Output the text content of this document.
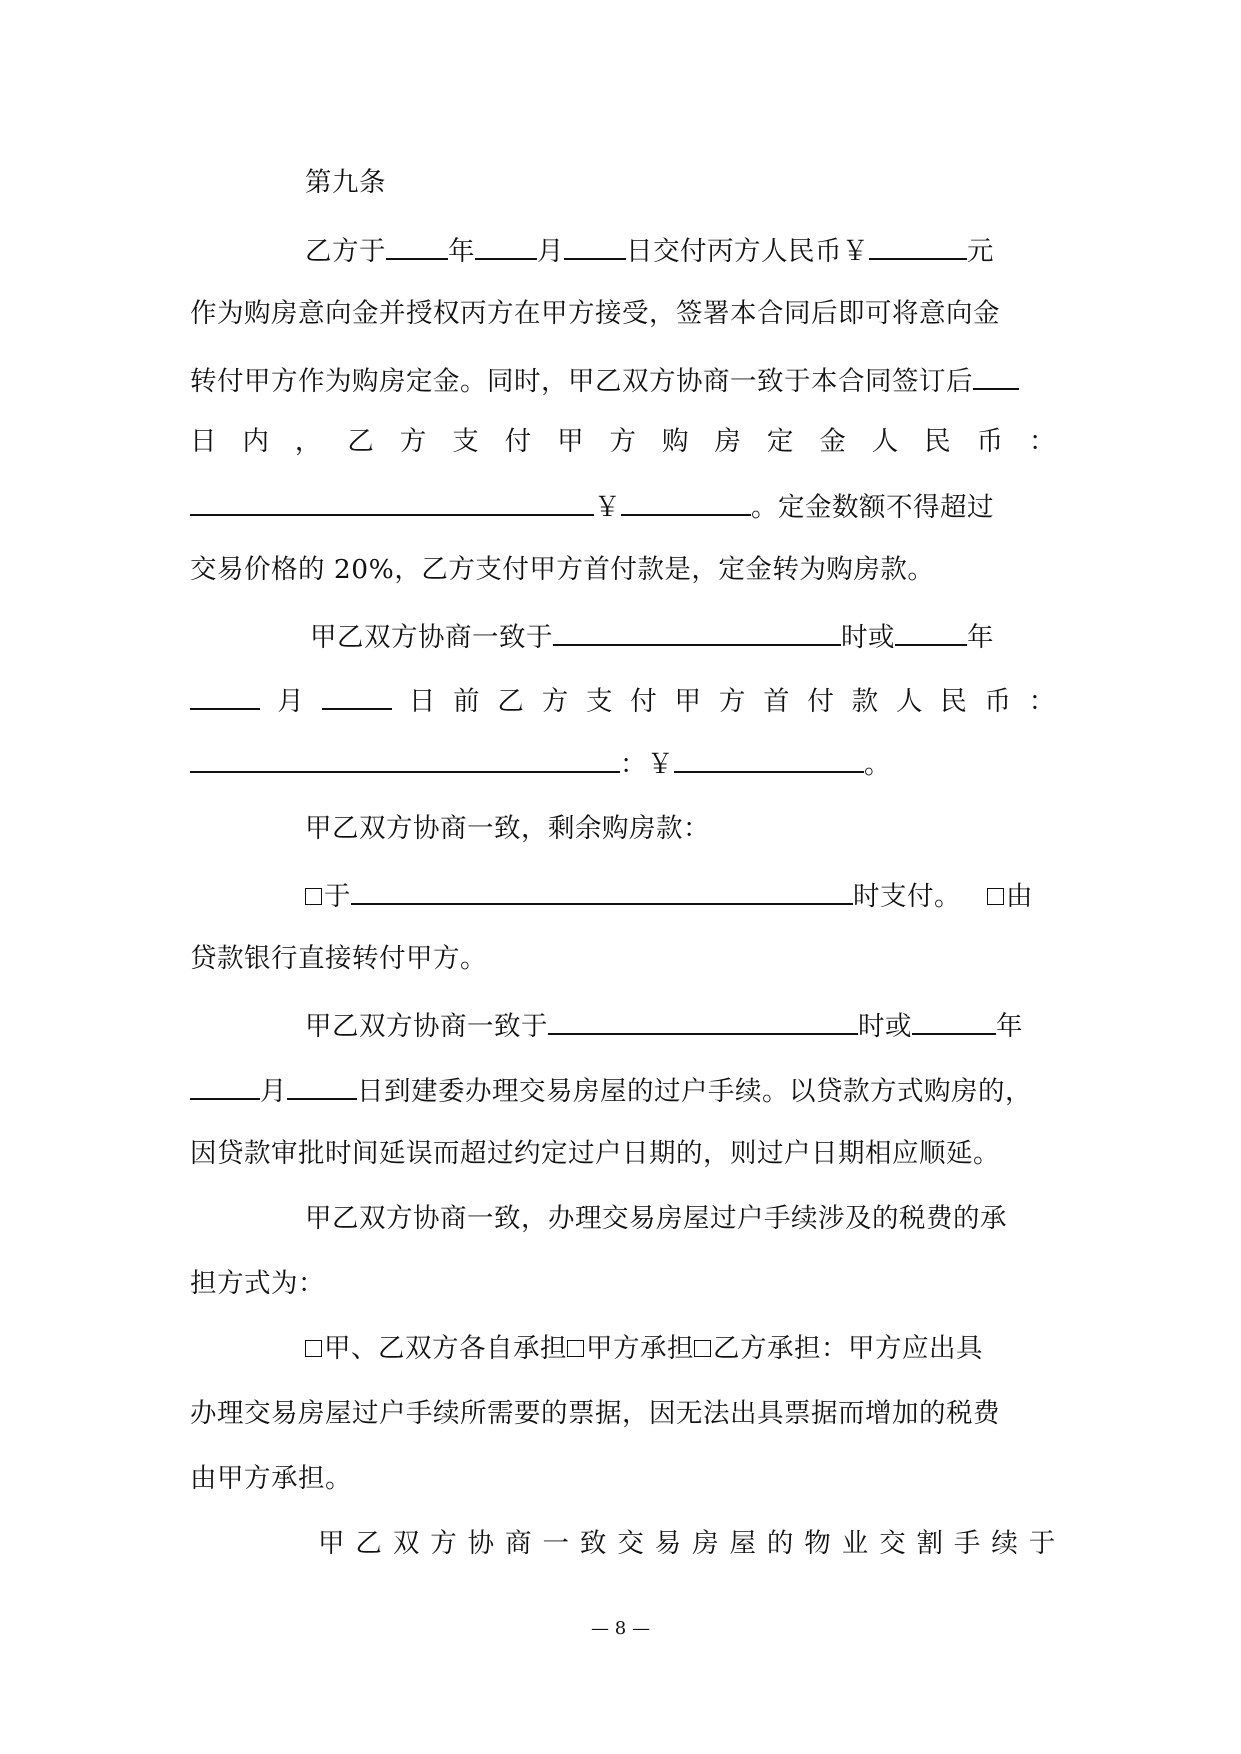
第九条
乙方于 年 月 日交付丙方人民币￥	元
作为购房意向金并授权丙方在甲方接受，签署本合同后即可将意向金
转付甲方作为购房定金。同时，甲乙双方协商一致于本合同签订后
日 内 ， 乙 方 支 付 甲 方 购 房 定 金 人 民 币 ：
￥	。定金数额不得超过
交易价格的 20%，乙方支付甲方首付款是，定金转为购房款。
甲乙双方协商一致于	时或	年
月	日 前 乙 方 支 付 甲 方 首 付 款 人 民 币 ：
：￥	。
甲乙双方协商一致，剩余购房款：
于	时支付。 由
贷款银行直接转付甲方。
甲乙双方协商一致于	时或	年
月	日到建委办理交易房屋的过户手续。以贷款方式购房的，
因贷款审批时间延误而超过约定过户日期的，则过户日期相应顺延。
甲乙双方协商一致，办理交易房屋过户手续涉及的税费的承
担方式为：
甲、乙双方各自承担 甲方承担 乙方承担：甲方应出具
办理交易房屋过户手续所需要的票据，因无法出具票据而增加的税费
由甲方承担。
甲 乙 双 方 协 商 一 致 交 易 房 屋 的 物 业 交 割 手 续 于
— 8 —
